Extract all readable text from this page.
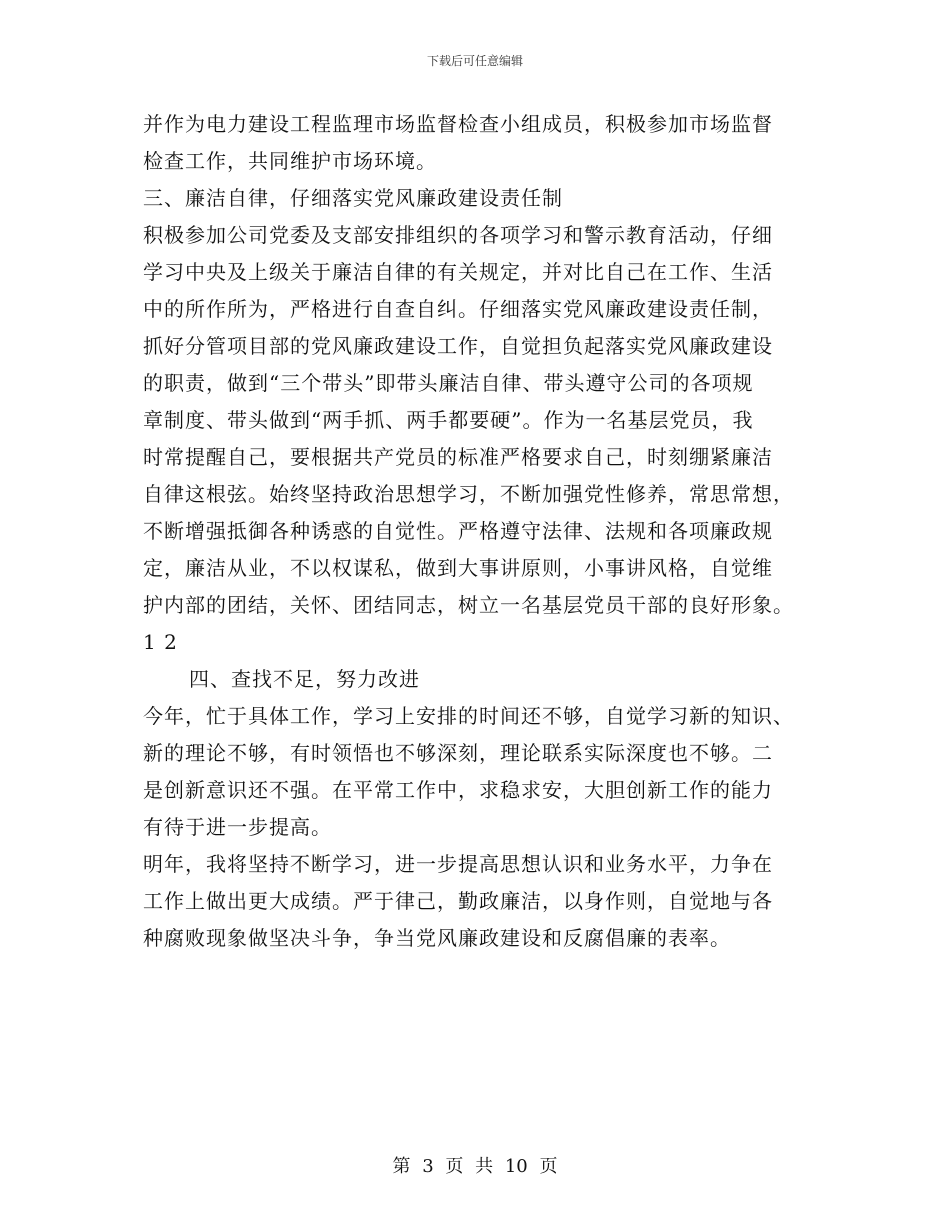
下载后可任意编辑
并作为电力建设工程监理市场监督检查小组成员，积极参加市场监督
检查工作，共同维护市场环境。
三、廉洁自律，仔细落实党风廉政建设责任制
积极参加公司党委及支部安排组织的各项学习和警示教育活动，仔细
学习中央及上级关于廉洁自律的有关规定，并对比自己在工作、生活
中的所作所为，严格进行自查自纠。仔细落实党风廉政建设责任制，
抓好分管项目部的党风廉政建设工作，自觉担负起落实党风廉政建设
的职责，做到“三个带头”即带头廉洁自律、带头遵守公司的各项规
章制度、带头做到“两手抓、两手都要硬”。作为一名基层党员，我
时常提醒自己，要根据共产党员的标准严格要求自己，时刻绷紧廉洁
自律这根弦。始终坚持政治思想学习，不断加强党性修养，常思常想，
不断增强抵御各种诱惑的自觉性。严格遵守法律、法规和各项廉政规
定，廉洁从业，不以权谋私，做到大事讲原则，小事讲风格，自觉维
护内部的团结，关怀、团结同志，树立一名基层党员干部的良好形象。
1 2
四、查找不足，努力改进
今年，忙于具体工作，学习上安排的时间还不够，自觉学习新的知识、
新的理论不够，有时领悟也不够深刻，理论联系实际深度也不够。二
是创新意识还不强。在平常工作中，求稳求安，大胆创新工作的能力
有待于进一步提高。
明年，我将坚持不断学习，进一步提高思想认识和业务水平，力争在
工作上做出更大成绩。严于律己，勤政廉洁，以身作则，自觉地与各
种腐败现象做坚决斗争，争当党风廉政建设和反腐倡廉的表率。
第 3 页 共 10 页
